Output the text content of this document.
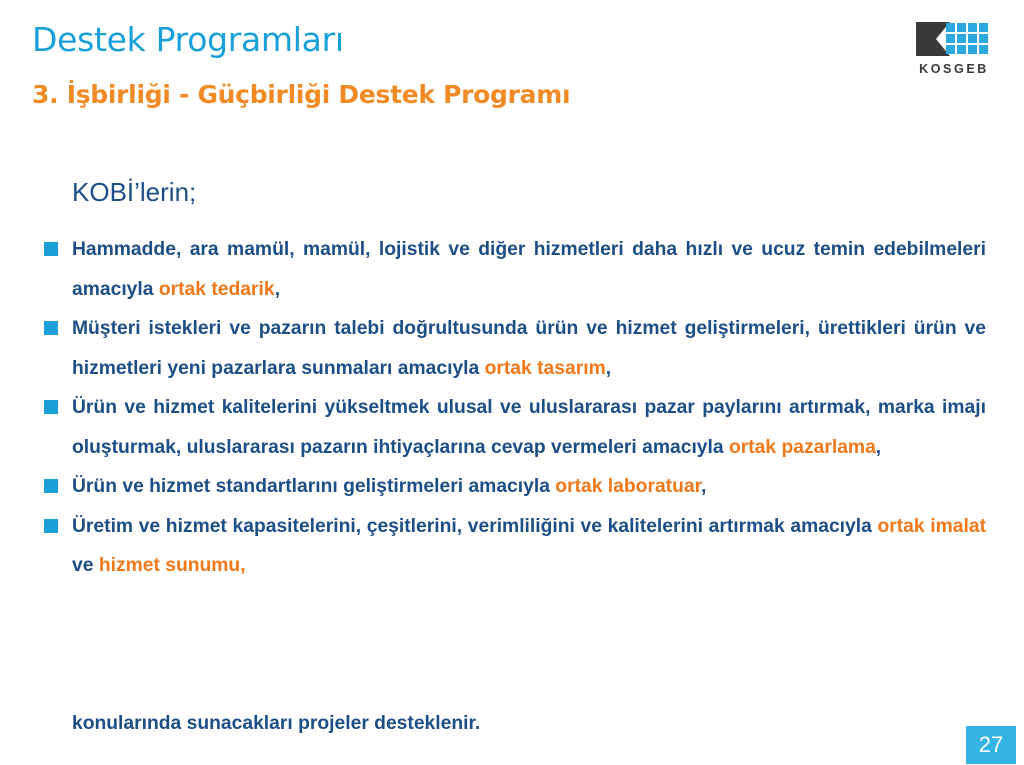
Destek Programları
3. İşbirliği - Güçbirliği Destek Programı
KOSGEB

KOBİ’lerin;

Hammadde, ara mamül, mamül, lojistik ve diğer hizmetleri daha hızlı ve ucuz temin edebilmeleri amacıyla ortak tedarik,
Müşteri istekleri ve pazarın talebi doğrultusunda ürün ve hizmet geliştirmeleri, ürettikleri ürün ve hizmetleri yeni pazarlara sunmaları amacıyla ortak tasarım,
Ürün ve hizmet kalitelerini yükseltmek ulusal ve uluslararası pazar paylarını artırmak, marka imajı oluşturmak, uluslararası pazarın ihtiyaçlarına cevap vermeleri amacıyla ortak pazarlama,
Ürün ve hizmet standartlarını geliştirmeleri amacıyla ortak laboratuar,
Üretim ve hizmet kapasitelerini, çeşitlerini, verimliliğini ve kalitelerini artırmak amacıyla ortak imalat ve hizmet sunumu,

konularında sunacakları projeler desteklenir.

27
